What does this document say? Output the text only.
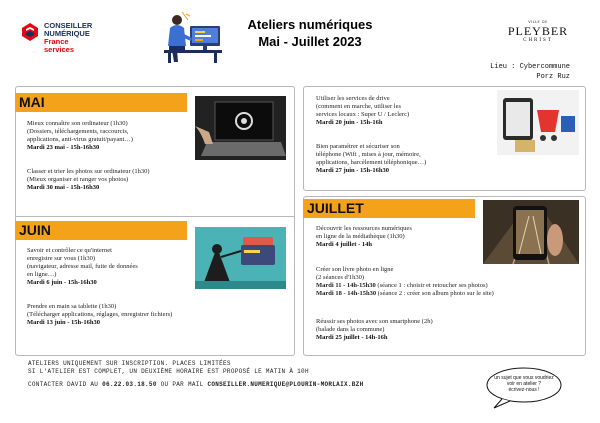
CONSEILLER
NUMÉRIQUE
France
services
Ateliers numériques
Mai - Juillet 2023
VILLE DE
PLEYBER
CHRIST
Lieu : Cybercommune
Porz Ruz
MAI
JUIN
JUILLET
Mieux connaître son ordinateur (1h30)
(Dossiers, téléchargements, raccourcis,
applications, anti-virus gratuit/payant…)
Mardi 23 mai - 15h-16h30
Classer et trier les photos sur ordinateur (1h30)
(Mieux organiser et ranger vos photos)
Mardi 30 mai - 15h-16h30
Savoir et contrôler ce qu'internet
enregistre sur vous (1h30)
(navigateur, adresse mail, fuite de données
en ligne…)
Mardi 6 juin - 15h-16h30
Prendre en main sa tablette (1h30)
(Télécharger applications, réglages, enregistrer fichiers)
Mardi 13 juin - 15h-16h30
Utiliser les services de drive
(comment en marche, utiliser les
services locaux : Super U / Leclerc)
Mardi 20 juin - 15h-16h
Bien paramétrer et sécuriser son
téléphone (Wifi , mises à jour, mémoire,
applications, harcèlement téléphonique…)
Mardi 27 juin - 15h-16h30
Découvrir les ressources numériques
en ligne de la médiathèque (1h30)
Mardi 4 juillet - 14h
Créer son livre photo en ligne
(2 séances d'1h30)
Mardi 11 - 14h-15h30 (séance 1 : choisir et retoucher ses photos)
Mardi 18 - 14h-15h30 (séance 2 : créer son album photo sur le site)
Réussir ses photos avec son smartphone (2h)
(balade dans la commune)
Mardi 25 juillet - 14h-16h
ATELIERS UNIQUEMENT SUR INSCRIPTION. PLACES LIMITÉES
SI L'ATELIER EST COMPLET, UN DEUXIÈME HORAIRE EST PROPOSÉ LE MATIN À 10H
CONTACTER DAVID AU 06.22.03.18.50 OU PAR MAIL CONSEILLER.NUMERIQUE@PLOURIN-MORLAIX.BZH
un sujet que vous voudriez
voir en atelier ?
écrivez-nous !
